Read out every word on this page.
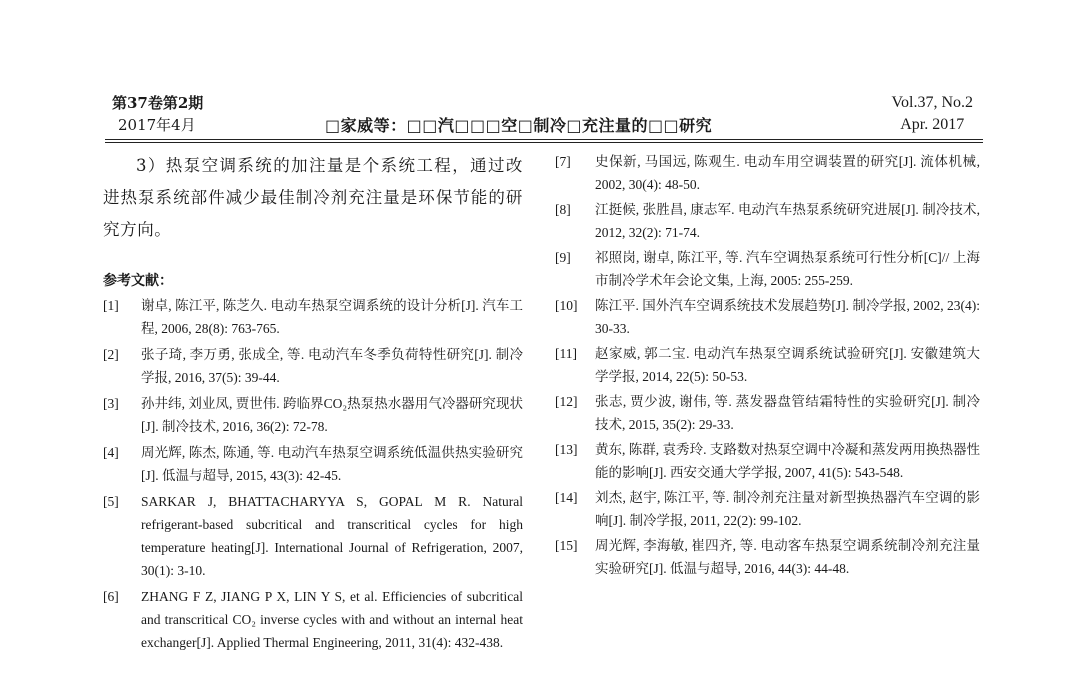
第37卷第2期
2017年4月	□家威等：□□汽□□□空□制冷□充注量的□□研究
Vol.37, No.2
Apr. 2017

3）热泵空调系统的加注量是个系统工程，通过改进热泵系统部件减少最佳制冷剂充注量是环保节能的研究方向。

参考文献：
[1]	谢卓, 陈江平, 陈芝久. 电动车热泵空调系统的设计分析[J]. 汽车工程, 2006, 28(8): 763-765.
[2]	张子琦, 李万勇, 张成全, 等. 电动汽车冬季负荷特性研究[J]. 制冷学报, 2016, 37(5): 39-44.
[3]	孙井纬, 刘业凤, 贾世伟. 跨临界CO₂热泵热水器用气冷器研究现状[J]. 制冷技术, 2016, 36(2): 72-78.
[4]	周光辉, 陈杰, 陈通, 等. 电动汽车热泵空调系统低温供热实验研究[J]. 低温与超导, 2015, 43(3): 42-45.
[5]	SARKAR J, BHATTACHARYYA S, GOPAL M R. Natural refrigerant-based subcritical and transcritical cycles for high temperature heating[J]. International Journal of Refrigeration, 2007, 30(1): 3-10.
[6]	ZHANG F Z, JIANG P X, LIN Y S, et al. Efficiencies of subcritical and transcritical CO₂ inverse cycles with and without an internal heat exchanger[J]. Applied Thermal Engineering, 2011, 31(4): 432-438.
[7]	史保新, 马国远, 陈观生. 电动车用空调装置的研究[J]. 流体机械, 2002, 30(4): 48-50.
[8]	江挺候, 张胜昌, 康志军. 电动汽车热泵系统研究进展[J]. 制冷技术, 2012, 32(2): 71-74.
[9]	祁照岗, 谢卓, 陈江平, 等. 汽车空调热泵系统可行性分析[C]// 上海市制冷学术年会论文集, 上海, 2005: 255-259.
[10]	陈江平. 国外汽车空调系统技术发展趋势[J]. 制冷学报, 2002, 23(4): 30-33.
[11]	赵家威, 郭二宝. 电动汽车热泵空调系统试验研究[J]. 安徽建筑大学学报, 2014, 22(5): 50-53.
[12]	张志, 贾少波, 谢伟, 等. 蒸发器盘管结霜特性的实验研究[J]. 制冷技术, 2015, 35(2): 29-33.
[13]	黄东, 陈群, 袁秀玲. 支路数对热泵空调中冷凝和蒸发两用换热器性能的影响[J]. 西安交通大学学报, 2007, 41(5): 543-548.
[14]	刘杰, 赵宇, 陈江平, 等. 制冷剂充注量对新型换热器汽车空调的影响[J]. 制冷学报, 2011, 22(2): 99-102.
[15]	周光辉, 李海敏, 崔四齐, 等. 电动客车热泵空调系统制冷剂充注量实验研究[J]. 低温与超导, 2016, 44(3): 44-48.
